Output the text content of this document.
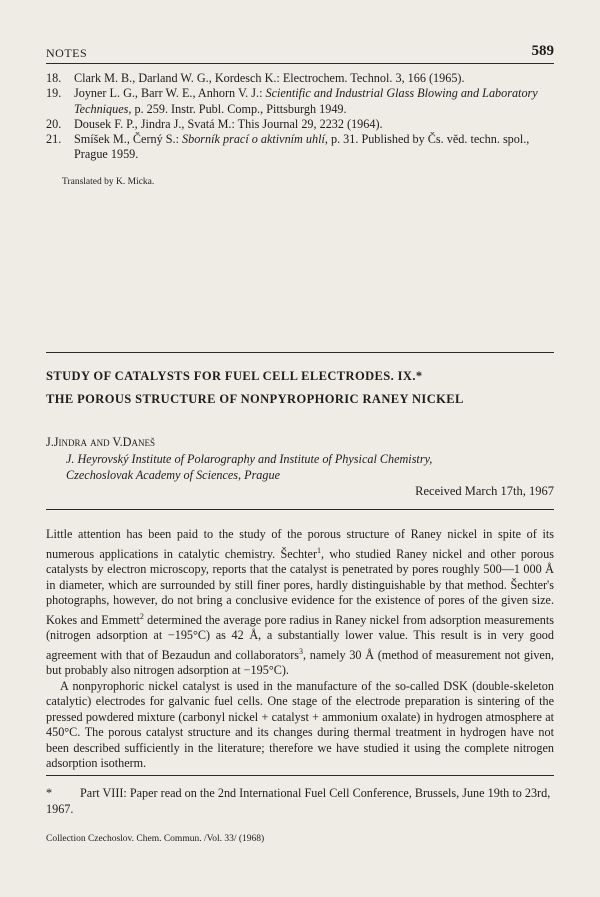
NOTES	589
18. Clark M. B., Darland W. G., Kordesch K.: Electrochem. Technol. 3, 166 (1965).
19. Joyner L. G., Barr W. E., Anhorn V. J.: Scientific and Industrial Glass Blowing and Laboratory Techniques, p. 259. Instr. Publ. Comp., Pittsburgh 1949.
20. Dousek F. P., Jindra J., Svatá M.: This Journal 29, 2232 (1964).
21. Smíšek M., Černý S.: Sborník prací o aktivním uhlí, p. 31. Published by Čs. věd. techn. spol., Prague 1959.
Translated by K. Micka.
STUDY OF CATALYSTS FOR FUEL CELL ELECTRODES. IX.*
THE POROUS STRUCTURE OF NONPYROPHORIC RANEY NICKEL
J.Jindra and V.Daneš
J. Heyrovský Institute of Polarography and Institute of Physical Chemistry,
Czechoslovak Academy of Sciences, Prague
Received March 17th, 1967

Little attention has been paid to the study of the porous structure of Raney nickel in spite of its numerous applications in catalytic chemistry. Šechter$^1$, who studied Raney nickel and other porous catalysts by electron microscopy, reports that the catalyst is penetrated by pores roughly 500—1 000 Å in diameter, which are surrounded by still finer pores, hardly distinguishable by that method. Šechter's photographs, however, do not bring a conclusive evidence for the existence of pores of the given size. Kokes and Emmett$^2$ determined the average pore radius in Raney nickel from adsorption measurements (nitrogen adsorption at −195°C) as 42 Å, a substantially lower value. This result is in very good agreement with that of Bezaudun and collaborators$^3$, namely 30 Å (method of measurement not given, but probably also nitrogen adsorption at −195°C).

A nonpyrophoric nickel catalyst is used in the manufacture of the so-called DSK (double-skeleton catalytic) electrodes for galvanic fuel cells. One stage of the electrode preparation is sintering of the pressed powdered mixture (carbonyl nickel + catalyst + ammonium oxalate) in hydrogen atmosphere at 450°C. The porous catalyst structure and its changes during thermal treatment in hydrogen have not been described sufficiently in the literature; therefore we have studied it using the complete nitrogen adsorption isotherm.

* Part VIII: Paper read on the 2nd International Fuel Cell Conference, Brussels, June 19th to 23rd, 1967.
Collection Czechoslov. Chem. Commun. /Vol. 33/ (1968)
